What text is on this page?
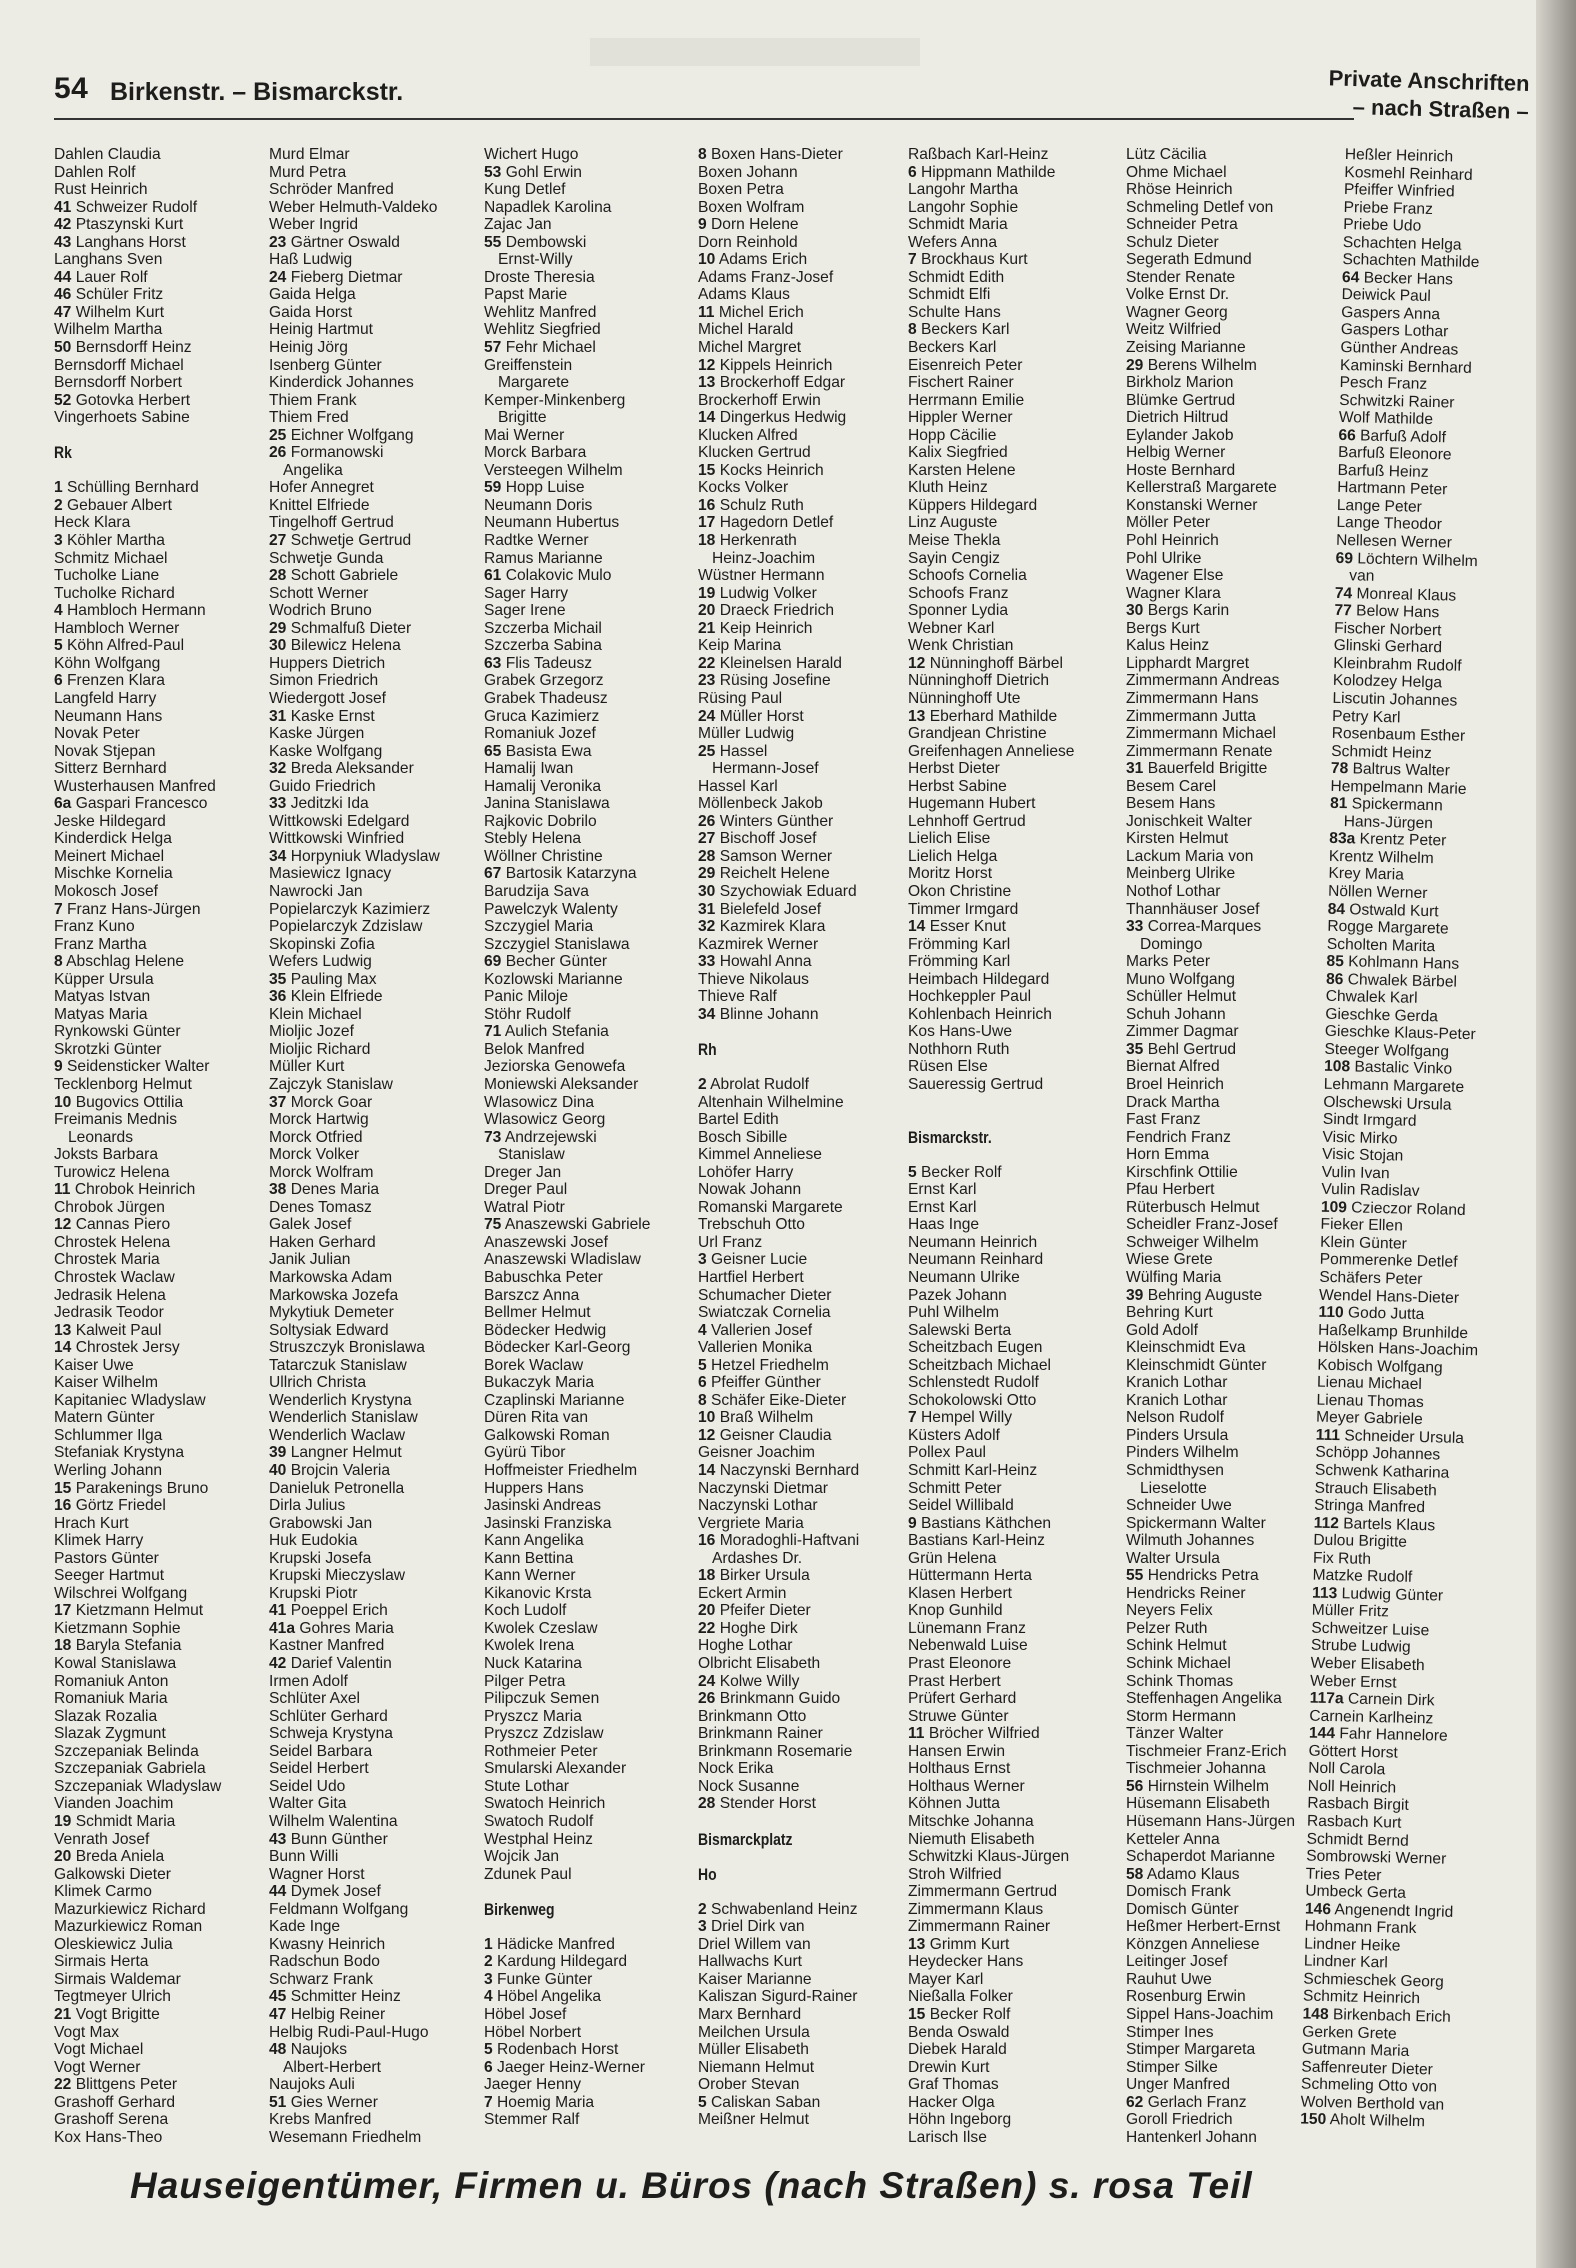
54 Birkenstr. – Bismarckstr.	Private Anschriften
– nach Straßen –
Dahlen Claudia
Dahlen Rolf
Rust Heinrich
41 Schweizer Rudolf
42 Ptaszynski Kurt
43 Langhans Horst
Langhans Sven
44 Lauer Rolf
46 Schüler Fritz
47 Wilhelm Kurt
Wilhelm Martha
50 Bernsdorff Heinz
Bernsdorff Michael
Bernsdorff Norbert
52 Gotovka Herbert
Vingerhoets Sabine
Rk
1 Schülling Bernhard
2 Gebauer Albert
Heck Klara
3 Köhler Martha
Schmitz Michael
Tucholke Liane
Tucholke Richard
4 Hambloch Hermann
Hambloch Werner
5 Köhn Alfred-Paul
Köhn Wolfgang
6 Frenzen Klara
Langfeld Harry
Neumann Hans
Novak Peter
Novak Stjepan
Sitterz Bernhard
Wusterhausen Manfred
6a Gaspari Francesco
Jeske Hildegard
Kinderdick Helga
Meinert Michael
Mischke Kornelia
Mokosch Josef
7 Franz Hans-Jürgen
Franz Kuno
Franz Martha
8 Abschlag Helene
Küpper Ursula
Matyas Istvan
Matyas Maria
Rynkowski Günter
Skrotzki Günter
9 Seidensticker Walter
Tecklenborg Helmut
10 Bugovics Ottilia
Freimanis Mednis
Leonards
Joksts Barbara
Turowicz Helena
11 Chrobok Heinrich
Chrobok Jürgen
12 Cannas Piero
Chrostek Helena
Chrostek Maria
Chrostek Waclaw
Jedrasik Helena
Jedrasik Teodor
13 Kalweit Paul
14 Chrostek Jersy
Kaiser Uwe
Kaiser Wilhelm
Kapitaniec Wladyslaw
Matern Günter
Schlummer Ilga
Stefaniak Krystyna
Werling Johann
15 Parakenings Bruno
16 Görtz Friedel
Hrach Kurt
Klimek Harry
Pastors Günter
Seeger Hartmut
Wilschrei Wolfgang
17 Kietzmann Helmut
Kietzmann Sophie
18 Baryla Stefania
Kowal Stanislawa
Romaniuk Anton
Romaniuk Maria
Slazak Rozalia
Slazak Zygmunt
Szczepaniak Belinda
Szczepaniak Gabriela
Szczepaniak Wladyslaw
Vianden Joachim
19 Schmidt Maria
Venrath Josef
20 Breda Aniela
Galkowski Dieter
Klimek Carmo
Mazurkiewicz Richard
Mazurkiewicz Roman
Oleskiewicz Julia
Sirmais Herta
Sirmais Waldemar
Tegtmeyer Ulrich
21 Vogt Brigitte
Vogt Max
Vogt Michael
Vogt Werner
22 Blittgens Peter
Grashoff Gerhard
Grashoff Serena
Kox Hans-Theo
Murd Elmar
Murd Petra
Schröder Manfred
Weber Helmuth-Valdeko
Weber Ingrid
23 Gärtner Oswald
Haß Ludwig
24 Fieberg Dietmar
Gaida Helga
Gaida Horst
Heinig Hartmut
Heinig Jörg
Isenberg Günter
Kinderdick Johannes
Thiem Frank
Thiem Fred
25 Eichner Wolfgang
26 Formanowski
Angelika
Hofer Annegret
Knittel Elfriede
Tingelhoff Gertrud
27 Schwetje Gertrud
Schwetje Gunda
28 Schott Gabriele
Schott Werner
Wodrich Bruno
29 Schmalfuß Dieter
30 Bilewicz Helena
Huppers Dietrich
Simon Friedrich
Wiedergott Josef
31 Kaske Ernst
Kaske Jürgen
Kaske Wolfgang
32 Breda Aleksander
Guido Friedrich
33 Jeditzki Ida
Wittkowski Edelgard
Wittkowski Winfried
34 Horpyniuk Wladyslaw
Masiewicz Ignacy
Nawrocki Jan
Popielarczyk Kazimierz
Popielarczyk Zdzislaw
Skopinski Zofia
Wefers Ludwig
35 Pauling Max
36 Klein Elfriede
Klein Michael
Mioljic Jozef
Mioljic Richard
Müller Kurt
Zajczyk Stanislaw
37 Morck Goar
Morck Hartwig
Morck Otfried
Morck Volker
Morck Wolfram
38 Denes Maria
Denes Tomasz
Galek Josef
Haken Gerhard
Janik Julian
Markowska Adam
Markowska Jozefa
Mykytiuk Demeter
Soltysiak Edward
Struszczyk Bronislawa
Tatarczuk Stanislaw
Ullrich Christa
Wenderlich Krystyna
Wenderlich Stanislaw
Wenderlich Waclaw
39 Langner Helmut
40 Brojcin Valeria
Danieluk Petronella
Dirla Julius
Grabowski Jan
Huk Eudokia
Krupski Josefa
Krupski Mieczyslaw
Krupski Piotr
41 Poeppel Erich
41a Gohres Maria
Kastner Manfred
42 Darief Valentin
Irmen Adolf
Schlüter Axel
Schlüter Gerhard
Schweja Krystyna
Seidel Barbara
Seidel Herbert
Seidel Udo
Walter Gita
Wilhelm Walentina
43 Bunn Günther
Bunn Willi
Wagner Horst
44 Dymek Josef
Feldmann Wolfgang
Kade Inge
Kwasny Heinrich
Radschun Bodo
Schwarz Frank
45 Schmitter Heinz
47 Helbig Reiner
Helbig Rudi-Paul-Hugo
48 Naujoks
Albert-Herbert
Naujoks Auli
51 Gies Werner
Krebs Manfred
Wesemann Friedhelm
Wichert Hugo
53 Gohl Erwin
Kung Detlef
Napadlek Karolina
Zajac Jan
55 Dembowski
Ernst-Willy
Droste Theresia
Papst Marie
Wehlitz Manfred
Wehlitz Siegfried
57 Fehr Michael
Greiffenstein
Margarete
Kemper-Minkenberg
Brigitte
Mai Werner
Morck Barbara
Versteegen Wilhelm
59 Hopp Luise
Neumann Doris
Neumann Hubertus
Radtke Werner
Ramus Marianne
61 Colakovic Mulo
Sager Harry
Sager Irene
Szczerba Michail
Szczerba Sabina
63 Flis Tadeusz
Grabek Grzegorz
Grabek Thadeusz
Gruca Kazimierz
Romaniuk Jozef
65 Basista Ewa
Hamalij Iwan
Hamalij Veronika
Janina Stanislawa
Rajkovic Dobrilo
Stebly Helena
Wöllner Christine
67 Bartosik Katarzyna
Barudzija Sava
Pawelczyk Walenty
Szczygiel Maria
Szczygiel Stanislawa
69 Becher Günter
Kozlowski Marianne
Panic Miloje
Stöhr Rudolf
71 Aulich Stefania
Belok Manfred
Jeziorska Genowefa
Moniewski Aleksander
Wlasowicz Dina
Wlasowicz Georg
73 Andrzejewski
Stanislaw
Dreger Jan
Dreger Paul
Watral Piotr
75 Anaszewski Gabriele
Anaszewski Josef
Anaszewski Wladislaw
Babuschka Peter
Barszcz Anna
Bellmer Helmut
Bödecker Hedwig
Bödecker Karl-Georg
Borek Waclaw
Bukaczyk Maria
Czaplinski Marianne
Düren Rita van
Galkowski Roman
Gyürü Tibor
Hoffmeister Friedhelm
Huppers Hans
Jasinski Andreas
Jasinski Franziska
Kann Angelika
Kann Bettina
Kann Werner
Kikanovic Krsta
Koch Ludolf
Kwolek Czeslaw
Kwolek Irena
Nuck Katarina
Pilger Petra
Pilipczuk Semen
Pryszcz Maria
Pryszcz Zdzislaw
Rothmeier Peter
Smularski Alexander
Stute Lothar
Swatoch Heinrich
Swatoch Rudolf
Westphal Heinz
Wojcik Jan
Zdunek Paul
Birkenweg
1 Hädicke Manfred
2 Kardung Hildegard
3 Funke Günter
4 Höbel Angelika
Höbel Josef
Höbel Norbert
5 Rodenbach Horst
6 Jaeger Heinz-Werner
Jaeger Henny
7 Hoemig Maria
Stemmer Ralf
8 Boxen Hans-Dieter
Boxen Johann
Boxen Petra
Boxen Wolfram
9 Dorn Helene
Dorn Reinhold
10 Adams Erich
Adams Franz-Josef
Adams Klaus
11 Michel Erich
Michel Harald
Michel Margret
12 Kippels Heinrich
13 Brockerhoff Edgar
Brockerhoff Erwin
14 Dingerkus Hedwig
Klucken Alfred
Klucken Gertrud
15 Kocks Heinrich
Kocks Volker
16 Schulz Ruth
17 Hagedorn Detlef
18 Herkenrath
Heinz-Joachim
Wüstner Hermann
19 Ludwig Volker
20 Draeck Friedrich
21 Keip Heinrich
Keip Marina
22 Kleinelsen Harald
23 Rüsing Josefine
Rüsing Paul
24 Müller Horst
Müller Ludwig
25 Hassel
Hermann-Josef
Hassel Karl
Möllenbeck Jakob
26 Winters Günther
27 Bischoff Josef
28 Samson Werner
29 Reichelt Helene
30 Szychowiak Eduard
31 Bielefeld Josef
32 Kazmirek Klara
Kazmirek Werner
33 Howahl Anna
Thieve Nikolaus
Thieve Ralf
34 Blinne Johann
Rh
2 Abrolat Rudolf
Altenhain Wilhelmine
Bartel Edith
Bosch Sibille
Kimmel Anneliese
Lohöfer Harry
Nowak Johann
Romanski Margarete
Trebschuh Otto
Url Franz
3 Geisner Lucie
Hartfiel Herbert
Schumacher Dieter
Swiatczak Cornelia
4 Vallerien Josef
Vallerien Monika
5 Hetzel Friedhelm
6 Pfeiffer Günther
8 Schäfer Eike-Dieter
10 Braß Wilhelm
12 Geisner Claudia
Geisner Joachim
14 Naczynski Bernhard
Naczynski Dietmar
Naczynski Lothar
Vergriete Maria
16 Moradoghli-Haftvani
Ardashes Dr.
18 Birker Ursula
Eckert Armin
20 Pfeifer Dieter
22 Hoghe Dirk
Hoghe Lothar
Olbricht Elisabeth
24 Kolwe Willy
26 Brinkmann Guido
Brinkmann Otto
Brinkmann Rainer
Brinkmann Rosemarie
Nock Erika
Nock Susanne
28 Stender Horst
Bismarckplatz
Ho
2 Schwabenland Heinz
3 Driel Dirk van
Driel Willem van
Hallwachs Kurt
Kaiser Marianne
Kaliszan Sigurd-Rainer
Marx Bernhard
Meilchen Ursula
Müller Elisabeth
Niemann Helmut
Orober Stevan
5 Caliskan Saban
Meißner Helmut
Raßbach Karl-Heinz
6 Hippmann Mathilde
Langohr Martha
Langohr Sophie
Schmidt Maria
Wefers Anna
7 Brockhaus Kurt
Schmidt Edith
Schmidt Elfi
Schulte Hans
8 Beckers Karl
Beckers Karl
Eisenreich Peter
Fischert Rainer
Herrmann Emilie
Hippler Werner
Hopp Cäcilie
Kalix Siegfried
Karsten Helene
Kluth Heinz
Küppers Hildegard
Linz Auguste
Meise Thekla
Sayin Cengiz
Schoofs Cornelia
Schoofs Franz
Sponner Lydia
Webner Karl
Wenk Christian
12 Nünninghoff Bärbel
Nünninghoff Dietrich
Nünninghoff Ute
13 Eberhard Mathilde
Grandjean Christine
Greifenhagen Anneliese
Herbst Dieter
Herbst Sabine
Hugemann Hubert
Lehnhoff Gertrud
Lielich Elise
Lielich Helga
Moritz Horst
Okon Christine
Timmer Irmgard
14 Esser Knut
Frömming Karl
Frömming Karl
Heimbach Hildegard
Hochkeppler Paul
Kohlenbach Heinrich
Kos Hans-Uwe
Nothhorn Ruth
Rüsen Else
Saueressig Gertrud
Bismarckstr.
5 Becker Rolf
Ernst Karl
Ernst Karl
Haas Inge
Neumann Heinrich
Neumann Reinhard
Neumann Ulrike
Pazek Johann
Puhl Wilhelm
Salewski Berta
Scheitzbach Eugen
Scheitzbach Michael
Schlenstedt Rudolf
Schokolowski Otto
7 Hempel Willy
Küsters Adolf
Pollex Paul
Schmitt Karl-Heinz
Schmitt Peter
Seidel Willibald
9 Bastians Käthchen
Bastians Karl-Heinz
Grün Helena
Hüttermann Herta
Klasen Herbert
Knop Gunhild
Lünemann Franz
Nebenwald Luise
Prast Eleonore
Prast Herbert
Prüfert Gerhard
Struwe Günter
11 Bröcher Wilfried
Hansen Erwin
Holthaus Ernst
Holthaus Werner
Köhnen Jutta
Mitschke Johanna
Niemuth Elisabeth
Schwitzki Klaus-Jürgen
Stroh Wilfried
Zimmermann Gertrud
Zimmermann Klaus
Zimmermann Rainer
13 Grimm Kurt
Heydecker Hans
Mayer Karl
Nießalla Folker
15 Becker Rolf
Benda Oswald
Diebek Harald
Drewin Kurt
Graf Thomas
Hacker Olga
Höhn Ingeborg
Larisch Ilse
Lütz Cäcilia
Ohme Michael
Rhöse Heinrich
Schmeling Detlef von
Schneider Petra
Schulz Dieter
Segerath Edmund
Stender Renate
Volke Ernst Dr.
Wagner Georg
Weitz Wilfried
Zeising Marianne
29 Berens Wilhelm
Birkholz Marion
Blümke Gertrud
Dietrich Hiltrud
Eylander Jakob
Helbig Werner
Hoste Bernhard
Kellerstraß Margarete
Konstanski Werner
Möller Peter
Pohl Heinrich
Pohl Ulrike
Wagener Else
Wagner Klara
30 Bergs Karin
Bergs Kurt
Kalus Heinz
Lipphardt Margret
Zimmermann Andreas
Zimmermann Hans
Zimmermann Jutta
Zimmermann Michael
Zimmermann Renate
31 Bauerfeld Brigitte
Besem Carel
Besem Hans
Jonischkeit Walter
Kirsten Helmut
Lackum Maria von
Meinberg Ulrike
Nothof Lothar
Thannhäuser Josef
33 Correa-Marques
Domingo
Marks Peter
Muno Wolfgang
Schüller Helmut
Schuh Johann
Zimmer Dagmar
35 Behl Gertrud
Biernat Alfred
Broel Heinrich
Drack Martha
Fast Franz
Fendrich Franz
Horn Emma
Kirschfink Ottilie
Pfau Herbert
Rüterbusch Helmut
Scheidler Franz-Josef
Schweiger Wilhelm
Wiese Grete
Wülfing Maria
39 Behring Auguste
Behring Kurt
Gold Adolf
Kleinschmidt Eva
Kleinschmidt Günter
Kranich Lothar
Kranich Lothar
Nelson Rudolf
Pinders Ursula
Pinders Wilhelm
Schmidthysen
Lieselotte
Schneider Uwe
Spickermann Walter
Wilmuth Johannes
Walter Ursula
55 Hendricks Petra
Hendricks Reiner
Neyers Felix
Pelzer Ruth
Schink Helmut
Schink Michael
Schink Thomas
Steffenhagen Angelika
Storm Hermann
Tänzer Walter
Tischmeier Franz-Erich
Tischmeier Johanna
56 Hirnstein Wilhelm
Hüsemann Elisabeth
Hüsemann Hans-Jürgen
Ketteler Anna
Schaperdot Marianne
58 Adamo Klaus
Domisch Frank
Domisch Günter
Heßmer Herbert-Ernst
Könzgen Anneliese
Leitinger Josef
Rauhut Uwe
Rosenburg Erwin
Sippel Hans-Joachim
Stimper Ines
Stimper Margareta
Stimper Silke
Unger Manfred
62 Gerlach Franz
Goroll Friedrich
Hantenkerl Johann
Heßler Heinrich
Kosmehl Reinhard
Pfeiffer Winfried
Priebe Franz
Priebe Udo
Schachten Helga
Schachten Mathilde
64 Becker Hans
Deiwick Paul
Gaspers Anna
Gaspers Lothar
Günther Andreas
Kaminski Bernhard
Pesch Franz
Schwitzki Rainer
Wolf Mathilde
66 Barfuß Adolf
Barfuß Eleonore
Barfuß Heinz
Hartmann Peter
Lange Peter
Lange Theodor
Nellesen Werner
69 Löchtern Wilhelm
van
74 Monreal Klaus
77 Below Hans
Fischer Norbert
Glinski Gerhard
Kleinbrahm Rudolf
Kolodzey Helga
Liscutin Johannes
Petry Karl
Rosenbaum Esther
Schmidt Heinz
78 Baltrus Walter
Hempelmann Marie
81 Spickermann
Hans-Jürgen
83a Krentz Peter
Krentz Wilhelm
Krey Maria
Nöllen Werner
84 Ostwald Kurt
Rogge Margarete
Scholten Marita
85 Kohlmann Hans
86 Chwalek Bärbel
Chwalek Karl
Gieschke Gerda
Gieschke Klaus-Peter
Steeger Wolfgang
108 Bastalic Vinko
Lehmann Margarete
Olschewski Ursula
Sindt Irmgard
Visic Mirko
Visic Stojan
Vulin Ivan
Vulin Radislav
109 Czieczor Roland
Fieker Ellen
Klein Günter
Pommerenke Detlef
Schäfers Peter
Wendel Hans-Dieter
110 Godo Jutta
Haßelkamp Brunhilde
Hölsken Hans-Joachim
Kobisch Wolfgang
Lienau Michael
Lienau Thomas
Meyer Gabriele
111 Schneider Ursula
Schöpp Johannes
Schwenk Katharina
Strauch Elisabeth
Stringa Manfred
112 Bartels Klaus
Dulou Brigitte
Fix Ruth
Matzke Rudolf
113 Ludwig Günter
Müller Fritz
Schweitzer Luise
Strube Ludwig
Weber Elisabeth
Weber Ernst
117a Carnein Dirk
Carnein Karlheinz
144 Fahr Hannelore
Göttert Horst
Noll Carola
Noll Heinrich
Rasbach Birgit
Rasbach Kurt
Schmidt Bernd
Sombrowski Werner
Tries Peter
Umbeck Gerta
146 Angenendt Ingrid
Hohmann Frank
Lindner Heike
Lindner Karl
Schmieschek Georg
Schmitz Heinrich
148 Birkenbach Erich
Gerken Grete
Gutmann Maria
Saffenreuter Dieter
Schmeling Otto von
Wolven Berthold van
150 Aholt Wilhelm
Hauseigentümer, Firmen u. Büros (nach Straßen) s. rosa Teil
